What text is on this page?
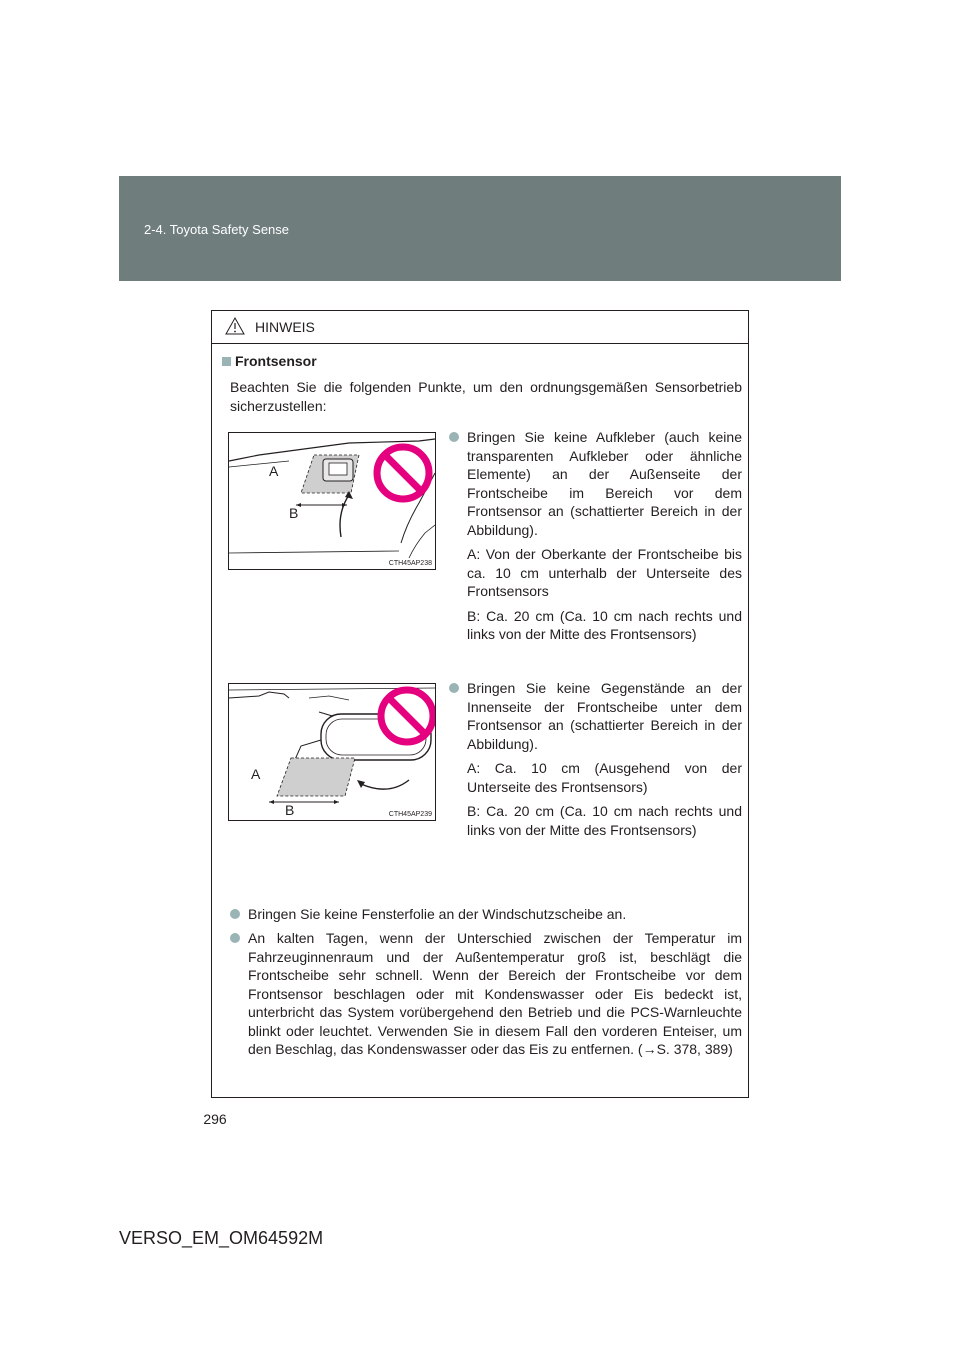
2-4. Toyota Safety Sense
HINWEIS
Frontsensor
Beachten Sie die folgenden Punkte, um den ordnungsgemäßen Sensorbetrieb sicherzustellen:
A
B
CTH45AP238
Bringen Sie keine Aufkleber (auch keine transparenten Aufkleber oder ähnliche Elemente) an der Außenseite der Frontscheibe im Bereich vor dem Frontsensor an (schattierter Bereich in der Abbildung).
A: Von der Oberkante der Frontscheibe bis ca. 10 cm unterhalb der Unterseite des Frontsensors
B: Ca. 20 cm (Ca. 10 cm nach rechts und links von der Mitte des Frontsensors)
A
B	CTH45AP239
Bringen Sie keine Gegenstände an der Innenseite der Frontscheibe unter dem Frontsensor an (schattierter Bereich in der Abbildung).
A: Ca. 10 cm (Ausgehend von der Unterseite des Frontsensors)
B: Ca. 20 cm (Ca. 10 cm nach rechts und links von der Mitte des Frontsensors)
Bringen Sie keine Fensterfolie an der Windschutzscheibe an.
An kalten Tagen, wenn der Unterschied zwischen der Temperatur im Fahrzeuginnenraum und der Außentemperatur groß ist, beschlägt die Frontscheibe sehr schnell. Wenn der Bereich der Frontscheibe vor dem Frontsensor beschlagen oder mit Kondenswasser oder Eis bedeckt ist, unterbricht das System vorübergehend den Betrieb und die PCS-Warnleuchte blinkt oder leuchtet. Verwenden Sie in diesem Fall den vorderen Enteiser, um den Beschlag, das Kondenswasser oder das Eis zu entfernen. (→S. 378, 389)
296
VERSO_EM_OM64592M
